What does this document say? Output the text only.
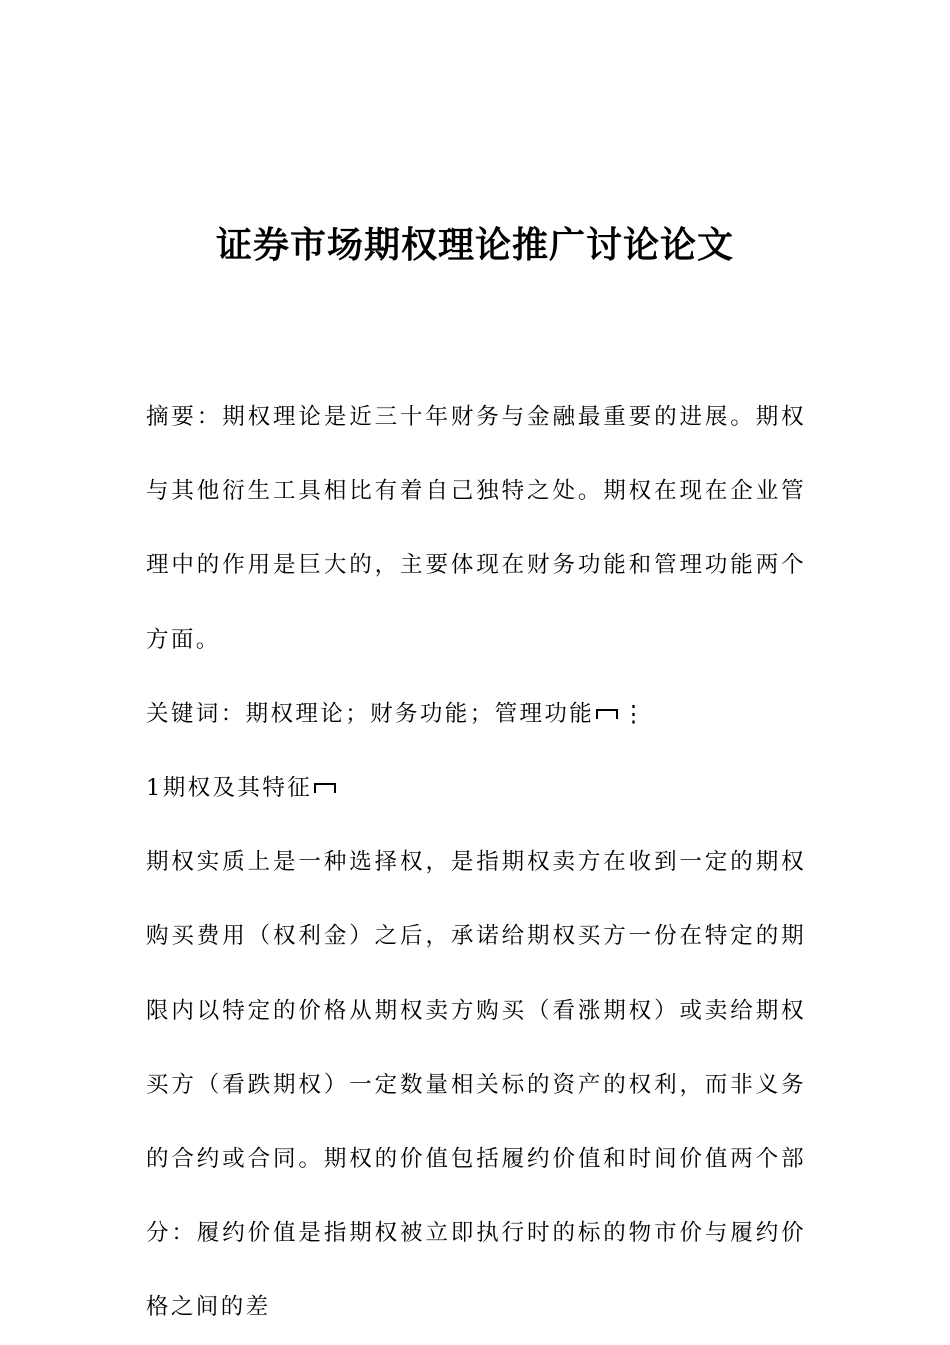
证券市场期权理论推广讨论论文

摘要：期权理论是近三十年财务与金融最重要的进展。期权与其他衍生工具相比有着自己独特之处。期权在现在企业管理中的作用是巨大的，主要体现在财务功能和管理功能两个方面。

关键词：期权理论；财务功能；管理功能 ⋮

1期权及其特征

期权实质上是一种选择权，是指期权卖方在收到一定的期权购买费用（权利金）之后，承诺给期权买方一份在特定的期限内以特定的价格从期权卖方购买（看涨期权）或卖给期权买方（看跌期权）一定数量相关标的资产的权利，而非义务的合约或合同。期权的价值包括履约价值和时间价值两个部分：履约价值是指期权被立即执行时的标的物市价与履约价格之间的差
